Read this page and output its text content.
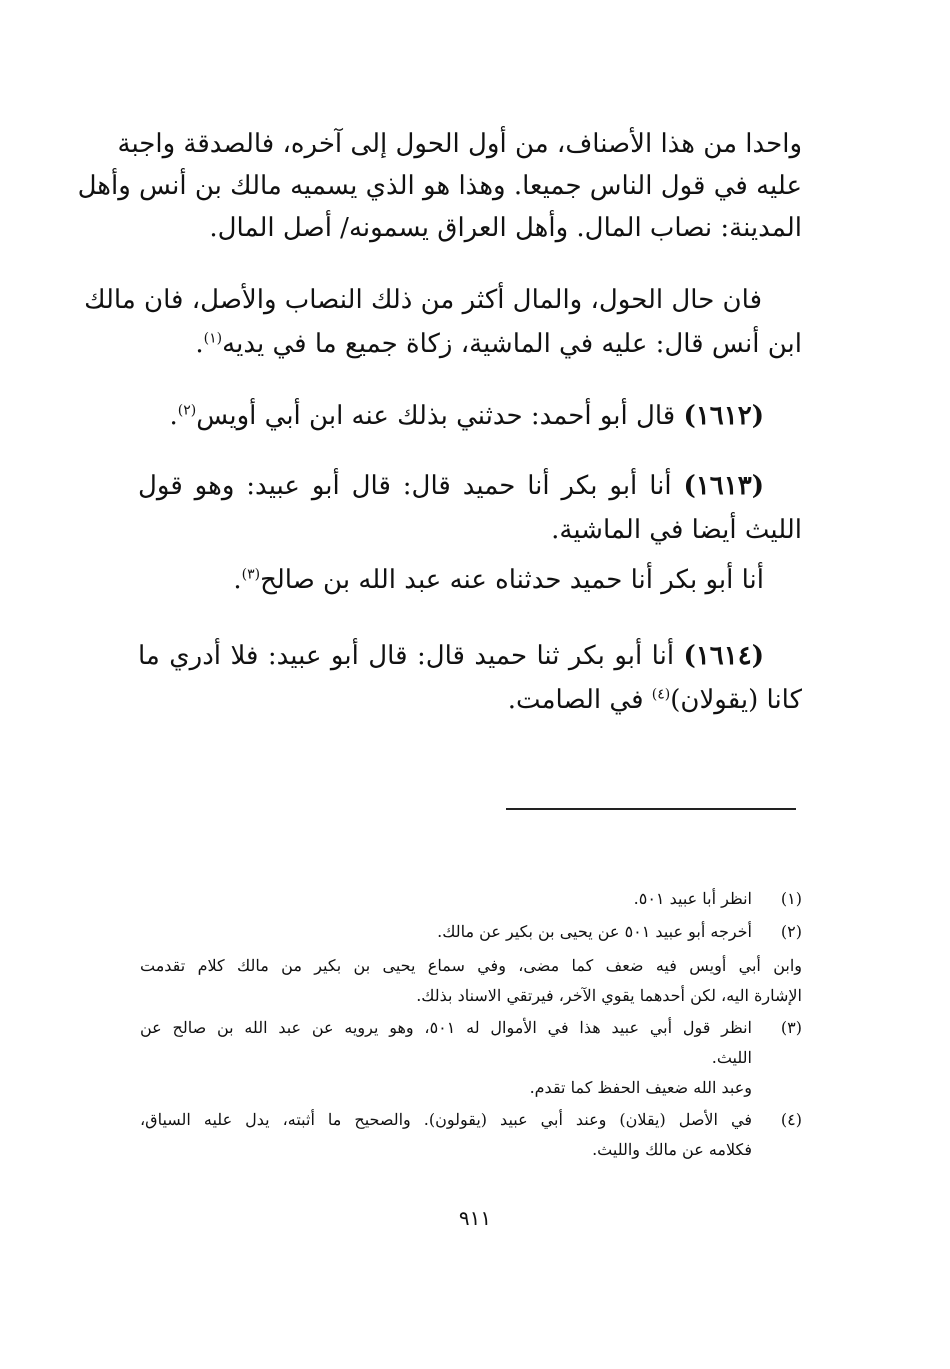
واحدا من هذا الأصناف، من أول الحول إلى آخره، فالصدقة واجبة
عليه في قول الناس جميعا. وهذا هو الذي يسميه مالك بن أنس وأهل
المدينة: نصاب المال. وأهل العراق يسمونه/ أصل المال.
فان حال الحول، والمال أكثر من ذلك النصاب والأصل، فان مالك
ابن أنس قال: عليه في الماشية، زكاة جميع ما في يديه$^{(١)}$.
(١٦١٢) قال أبو أحمد: حدثني بذلك عنه ابن أبي أويس$^{(٢)}$.
(١٦١٣) أنا أبو بكر أنا حميد قال: قال أبو عبيد: وهو قول
الليث أيضا في الماشية.
أنا أبو بكر أنا حميد حدثناه عنه عبد الله بن صالح$^{(٣)}$.
(١٦١٤) أنا أبو بكر ثنا حميد قال: قال أبو عبيد: فلا أدري ما
كانا (يقولان)$^{(٤)}$ في الصامت.
(١)
انظر أبا عبيد ٥٠١.
(٢)
أخرجه أبو عبيد ٥٠١ عن يحيى بن بكير عن مالك.
وابن أبي أويس فيه ضعف كما مضى، وفي سماع يحيى بن بكير من مالك كلام تقدمت
الإشارة اليه، لكن أحدهما يقوي الآخر، فيرتقي الاسناد بذلك.
(٣)
انظر قول أبي عبيد هذا في الأموال له ٥٠١، وهو يرويه عن عبد الله بن صالح عن
الليث.
وعبد الله ضعيف الحفظ كما تقدم.
(٤)
في الأصل (يقلان) وعند أبي عبيد (يقولون). والصحيح ما أثبته، يدل عليه السياق،
فكلامه عن مالك والليث.
٩١١
